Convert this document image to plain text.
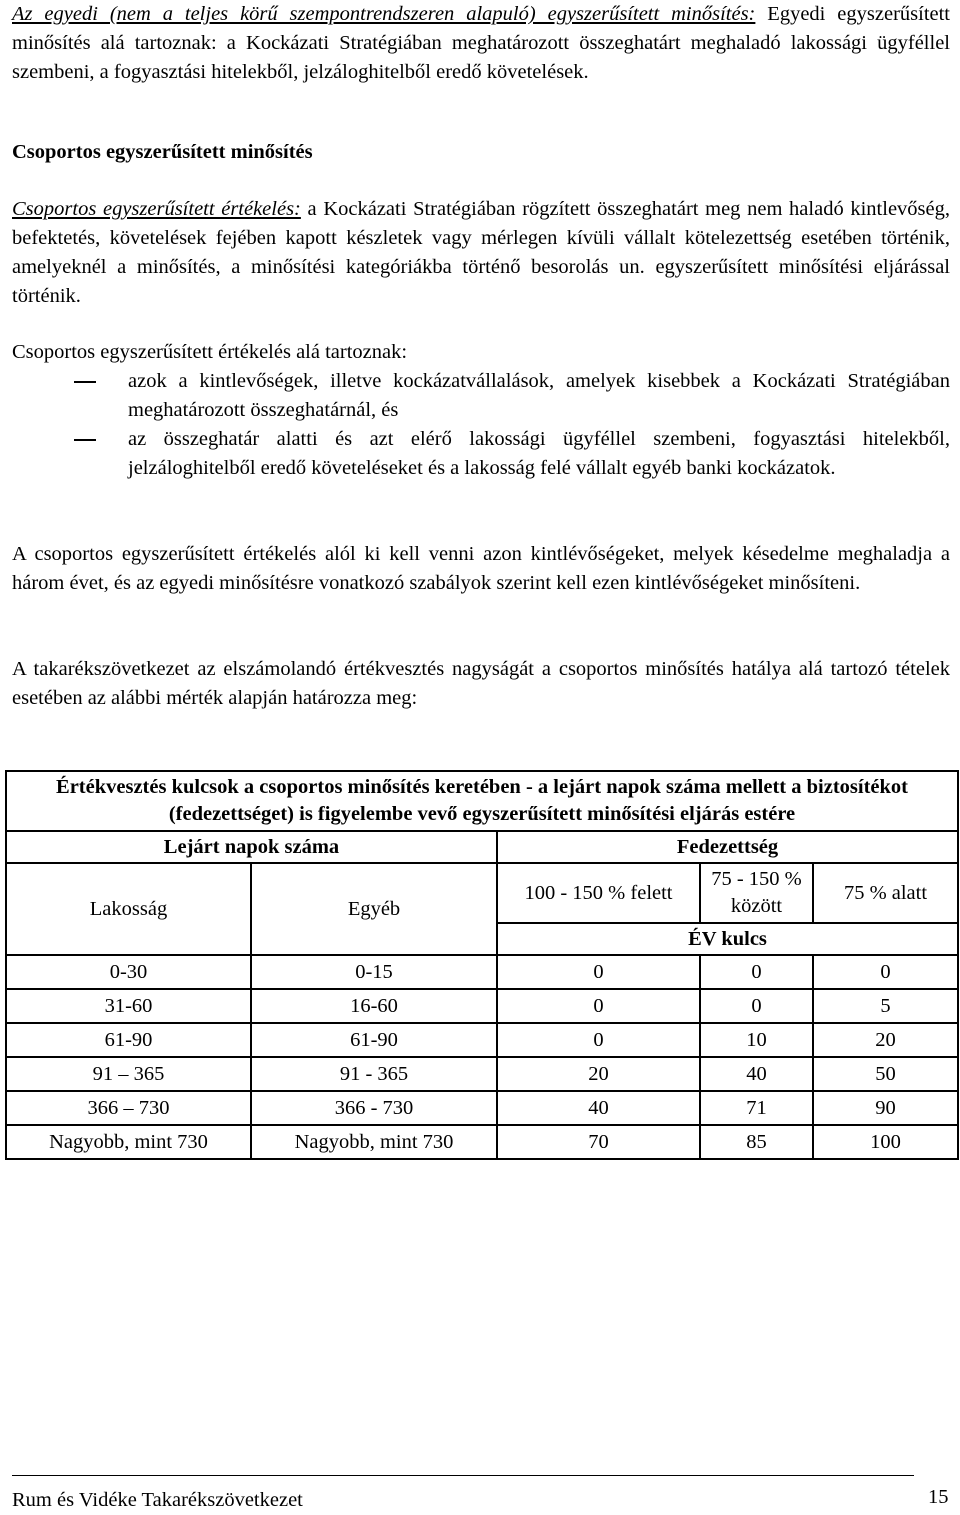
Az egyedi (nem a teljes körű szempontrendszeren alapuló) egyszerűsített minősítés: Egyedi egyszerűsített minősítés alá tartoznak: a Kockázati Stratégiában meghatározott összeghatárt meghaladó lakossági ügyféllel szembeni, a fogyasztási hitelekből, jelzáloghitelből eredő követelések.

Csoportos egyszerűsített minősítés

Csoportos egyszerűsített értékelés: a Kockázati Stratégiában rögzített összeghatárt meg nem haladó kintlevőség, befektetés, követelések fejében kapott készletek vagy mérlegen kívüli vállalt kötelezettség esetében történik, amelyeknél a minősítés, a minősítési kategóriákba történő besorolás un. egyszerűsített minősítési eljárással történik.

Csoportos egyszerűsített értékelés alá tartoznak:

azok a kintlevőségek, illetve kockázatvállalások, amelyek kisebbek a Kockázati Stratégiában meghatározott összeghatárnál, és
az összeghatár alatti és azt elérő lakossági ügyféllel szembeni, fogyasztási hitelekből, jelzáloghitelből eredő követeléseket és a lakosság felé vállalt egyéb banki kockázatok.

A csoportos egyszerűsített értékelés alól ki kell venni azon kintlévőségeket, melyek késedelme meghaladja a három évet, és az egyedi minősítésre vonatkozó szabályok szerint kell ezen kintlévőségeket minősíteni.

A takarékszövetkezet az elszámolandó értékvesztés nagyságát a csoportos minősítés hatálya alá tartozó tételek esetében az alábbi mérték alapján határozza meg:

Értékvesztés kulcsok a csoportos minősítés keretében - a lejárt napok száma mellett a biztosítékot (fedezettséget) is figyelembe vevő egyszerűsített minősítési eljárás estére				
Lejárt napok száma		Fedezettség		
Lakosság	Egyéb	100 - 150 % felett	75 - 150 % között	75 % alatt
		ÉV kulcs		
0-30	0-15	0	0	0
31-60	16-60	0	0	5
61-90	61-90	0	10	20
91 – 365	91 - 365	20	40	50
366 – 730	366 - 730	40	71	90
Nagyobb, mint 730	Nagyobb, mint 730	70	85	100
Rum és Vidéke Takarékszövetkezet	15
